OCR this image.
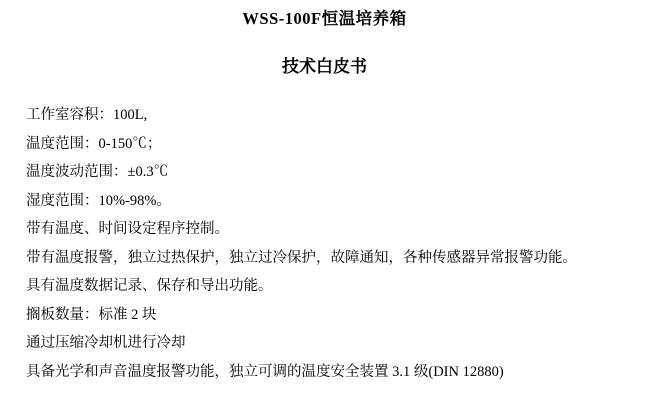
WSS-100F恒温培养箱
技术白皮书

工作室容积：100L,

温度范围：0-150℃；

温度波动范围：±0.3℃

湿度范围：10%-98%。

带有温度、时间设定程序控制。

带有温度报警，独立过热保护，独立过冷保护，故障通知，各种传感器异常报警功能。

具有温度数据记录、保存和导出功能。

搁板数量：标准 2 块

通过压缩冷却机进行冷却

具备光学和声音温度报警功能，独立可调的温度安全装置 3.1 级(DIN 12880)
